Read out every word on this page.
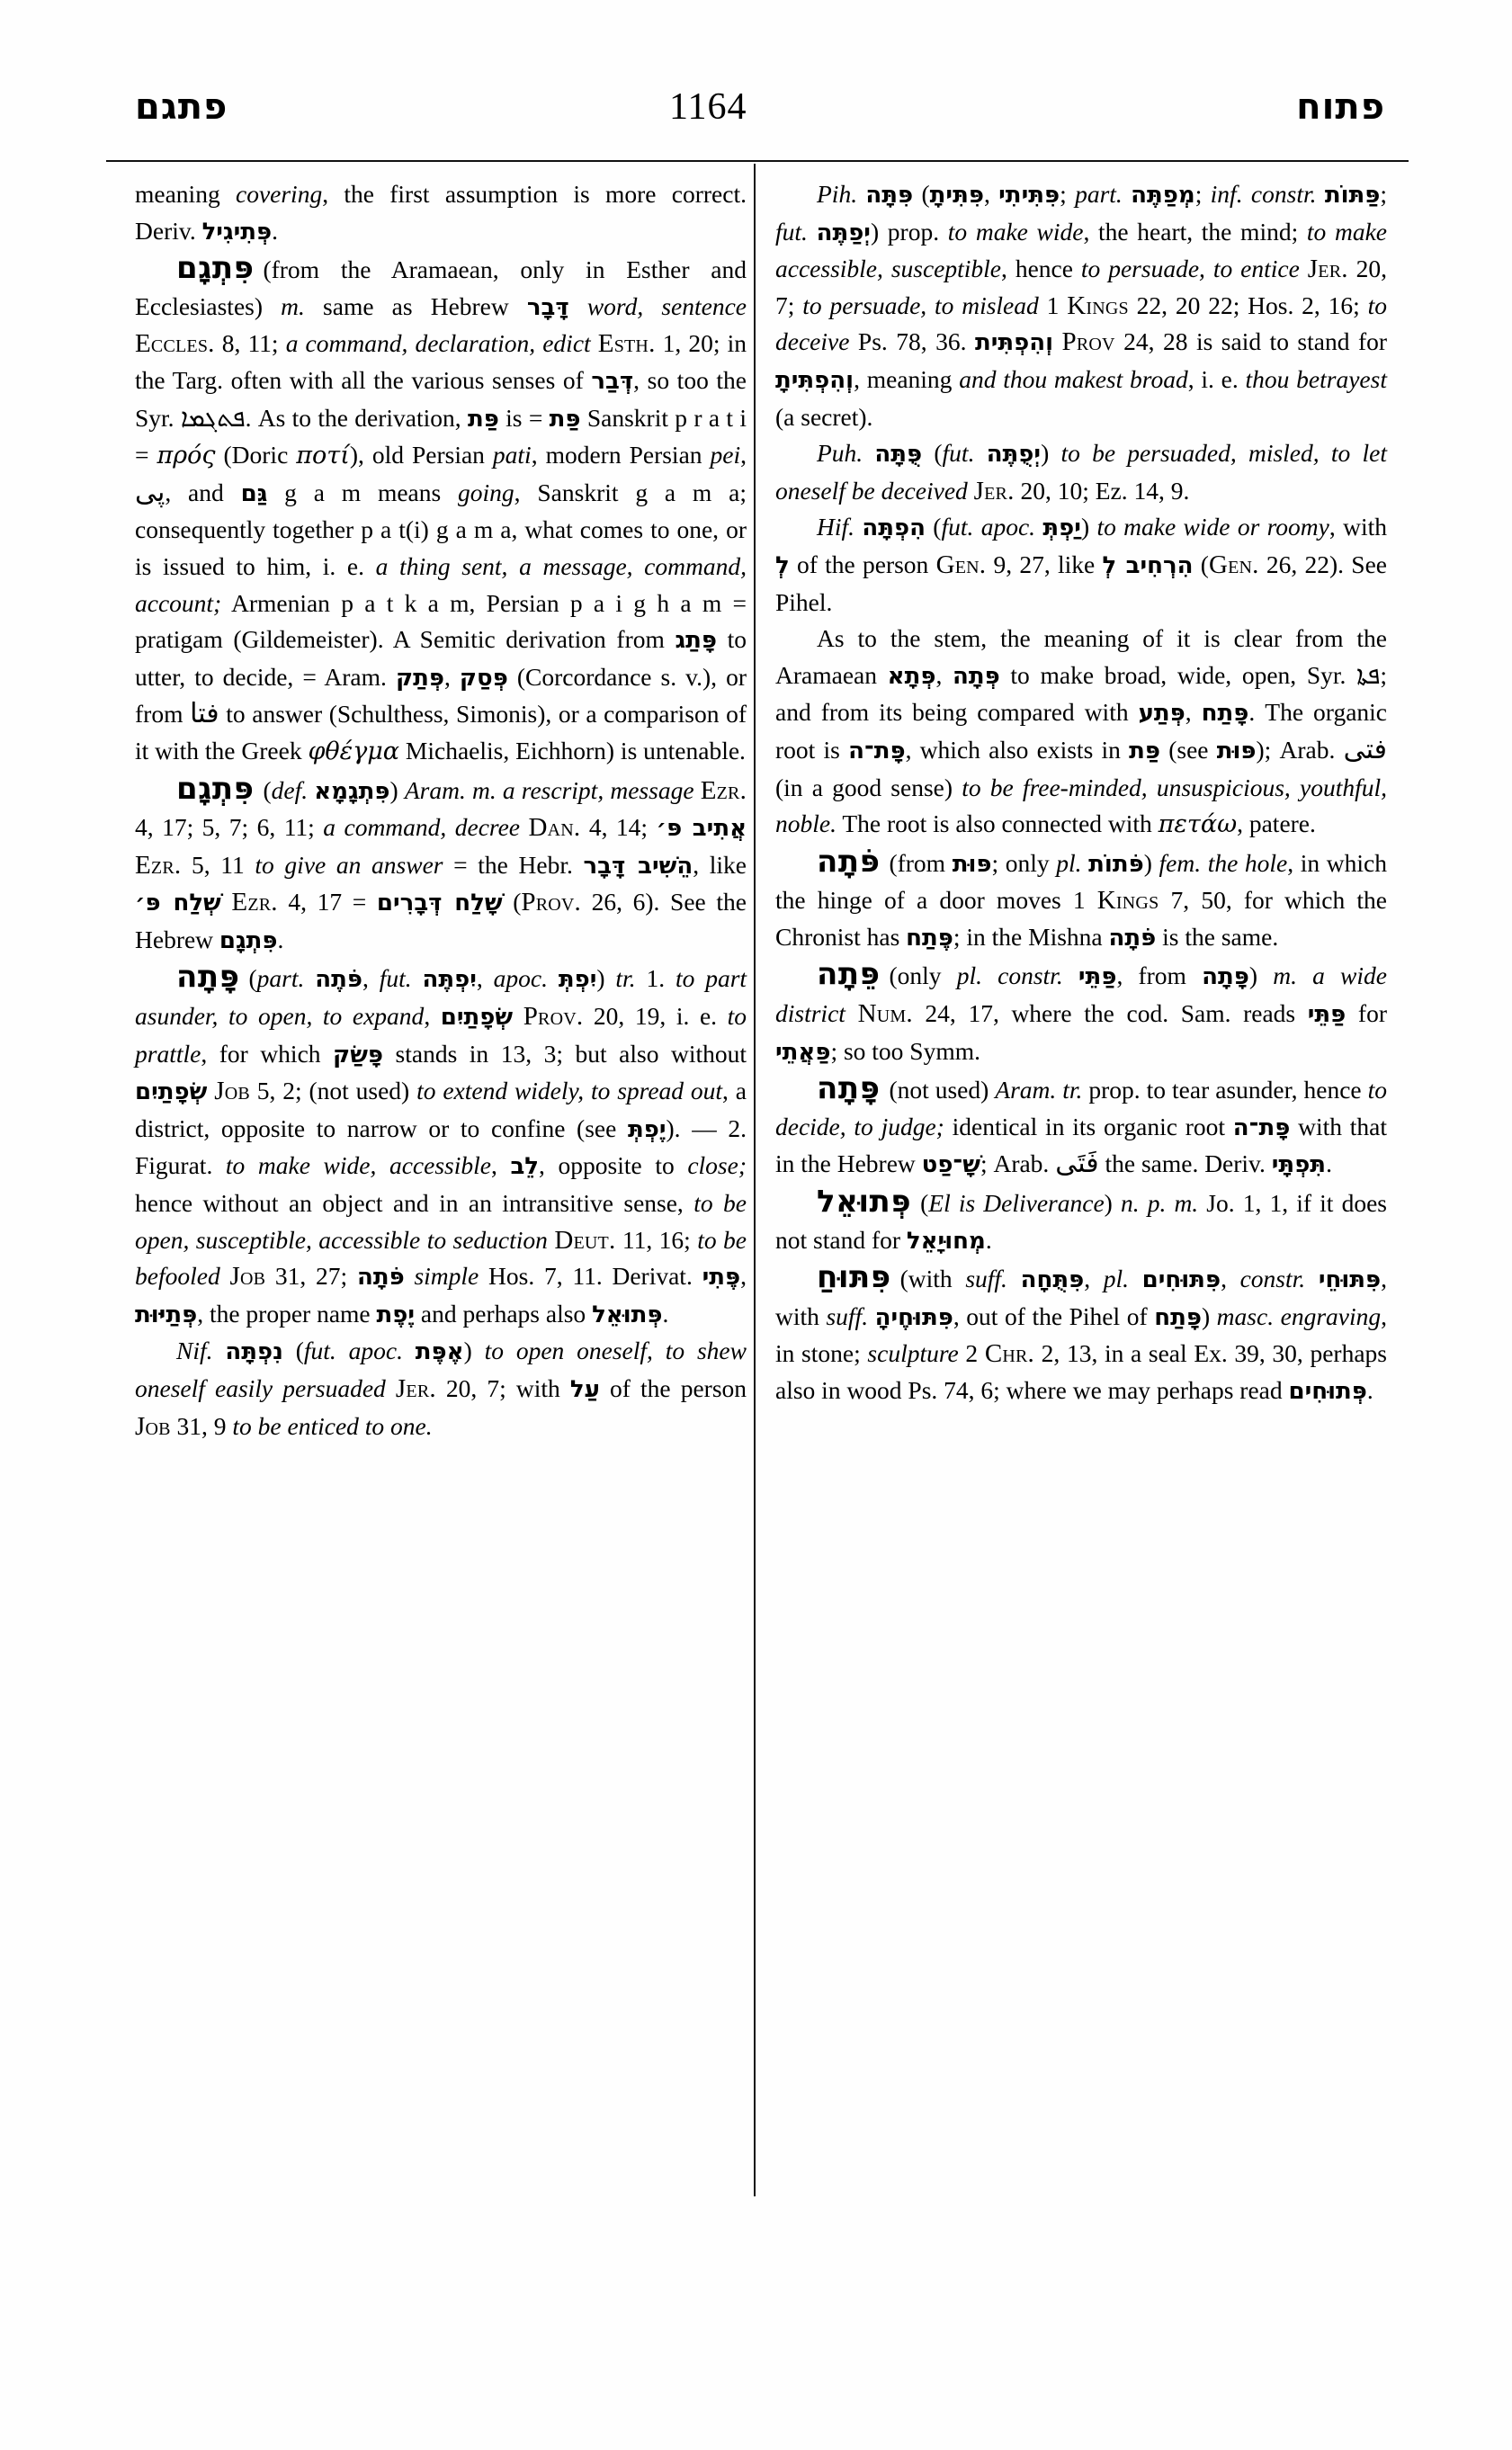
פתגם	1164	פתוח

meaning covering, the first assumption is more correct. Deriv. פְּתִיגִיל.

פִּתְגָם (from the Aramaean, only in Esther and Ecclesiastes) m. same as Hebrew דָּבָר word, sentence Eccles. 8, 11; a command, declaration, edict Esth. 1, 20; in the Targ. often with all the various senses of דְּבַר, so too the Syr. ܦܬܓܡܐ. As to the derivation, פַּת is = פַּת Sanskrit p r a t i = πρός (Doric ποτί), old Persian pati, modern Persian pei, پی, and גַּם g a m means going, Sanskrit g a m a; consequently together p a t(i) g a m a, what comes to one, or is issued to him, i. e. a thing sent, a message, command, account; Armenian p a t k a m, Persian p a i g h a m = pratigam (Gildemeister). A Semitic derivation from פָּתַג to utter, to decide, = Aram. פְּתַק, פְּסַק (Corcordance s. v.), or from فتا to answer (Schulthess, Simonis), or a comparison of it with the Greek φθέγμα Michaelis, Eichhorn) is untenable.

פִּתְגָם (def. פִּתְגָמָא) Aram. m. a rescript, message Ezr. 4, 17; 5, 7; 6, 11; a command, decree Dan. 4, 14; אֲתִיב פּ׳ Ezr. 5, 11 to give an answer = the Hebr. הֵשִׁיב דָּבָר, like שְׁלַח פּ׳ Ezr. 4, 17 = שָׁלַח דְּבָרִים (Prov. 26, 6). See the Hebrew פִּתְגָם.

פָּתָה (part. פֹּתֶה, fut. יִפְתֶּה, apoc. יִפְתְּ) tr. 1. to part asunder, to open, to expand, שְׂפָתַיִם Prov. 20, 19, i. e. to prattle, for which פָּשַׂק stands in 13, 3; but also without שְׂפָתַיִם Job 5, 2; (not used) to extend widely, to spread out, a district, opposite to narrow or to confine (see יֶפְתְּ). — 2. Figurat. to make wide, accessible, לֵב, opposite to close; hence without an object and in an intransitive sense, to be open, susceptible, accessible to seduction Deut. 11, 16; to be befooled Job 31, 27; פֹּתָה simple Hos. 7, 11. Derivat. פֶּתִי, פְּתַיּוּת, the proper name יֶפֶת and perhaps also פְּתוּאֵל.

Nif. נִפְתָּה (fut. apoc. אֶפֶּת) to open oneself, to shew oneself easily persuaded Jer. 20, 7; with עַל of the person Job 31, 9 to be enticed to one.

Pih. פִּתָּה (פִּתִּיתָ, פִּתִּיתִי; part. מְפַתֶּה; inf. constr. פַּתּוֹת; fut. יְפַתֶּה) prop. to make wide, the heart, the mind; to make accessible, susceptible, hence to persuade, to entice Jer. 20, 7; to persuade, to mislead 1 Kings 22, 20 22; Hos. 2, 16; to deceive Ps. 78, 36. וְהִפְתִּית Prov 24, 28 is said to stand for וְהִפְתִּיתָ, meaning and thou makest broad, i. e. thou betrayest (a secret).

Puh. פֻּתָּה (fut. יְפֻתֶּה) to be persuaded, misled, to let oneself be deceived Jer. 20, 10; Ez. 14, 9.

Hif. הִפְתָּה (fut. apoc. יַפְתְּ) to make wide or roomy, with לְ of the person Gen. 9, 27, like הִרְחִיב לְ (Gen. 26, 22). See Pihel.

As to the stem, the meaning of it is clear from the Aramaean פְּתָא, פְּתָה to make broad, wide, open, Syr. ܦܬܐ; and from its being compared with פְּתַע, פָּתַח. The organic root is פָּת־ה, which also exists in פַּת (see פּוּת); Arab. فتى (in a good sense) to be free-minded, unsuspicious, youthful, noble. The root is also connected with πετάω, patere.

פֹּתָה (from פּוּת; only pl. פֹּתוֹת) fem. the hole, in which the hinge of a door moves 1 Kings 7, 50, for which the Chronist has פֶּתַח; in the Mishna פֹּתָה is the same.

פֵּתָה (only pl. constr. פַּתֵּי, from פָּתָה) m. a wide district Num. 24, 17, where the cod. Sam. reads פַּתֵּי for פַּאֲתֵי; so too Symm.

פָּתָה (not used) Aram. tr. prop. to tear asunder, hence to decide, to judge; identical in its organic root פָּת־ה with that in the Hebrew שָׁ־פַט; Arab. فَتَى the same. Deriv. תִּפְתָּי.

פְּתוּאֵל (El is Deliverance) n. p. m. Jo. 1, 1, if it does not stand for מְחוּיָאֵל.

פִּתּוּחַ (with suff. פִּתֻּחָה, pl. פִּתּוּחִים, constr. פִּתּוּחֵי, with suff. פִּתּוּחֶיהָ, out of the Pihel of פָּתַח) masc. engraving, in stone; sculpture 2 Chr. 2, 13, in a seal Ex. 39, 30, perhaps also in wood Ps. 74, 6; where we may perhaps read פְּתוּחִים.
